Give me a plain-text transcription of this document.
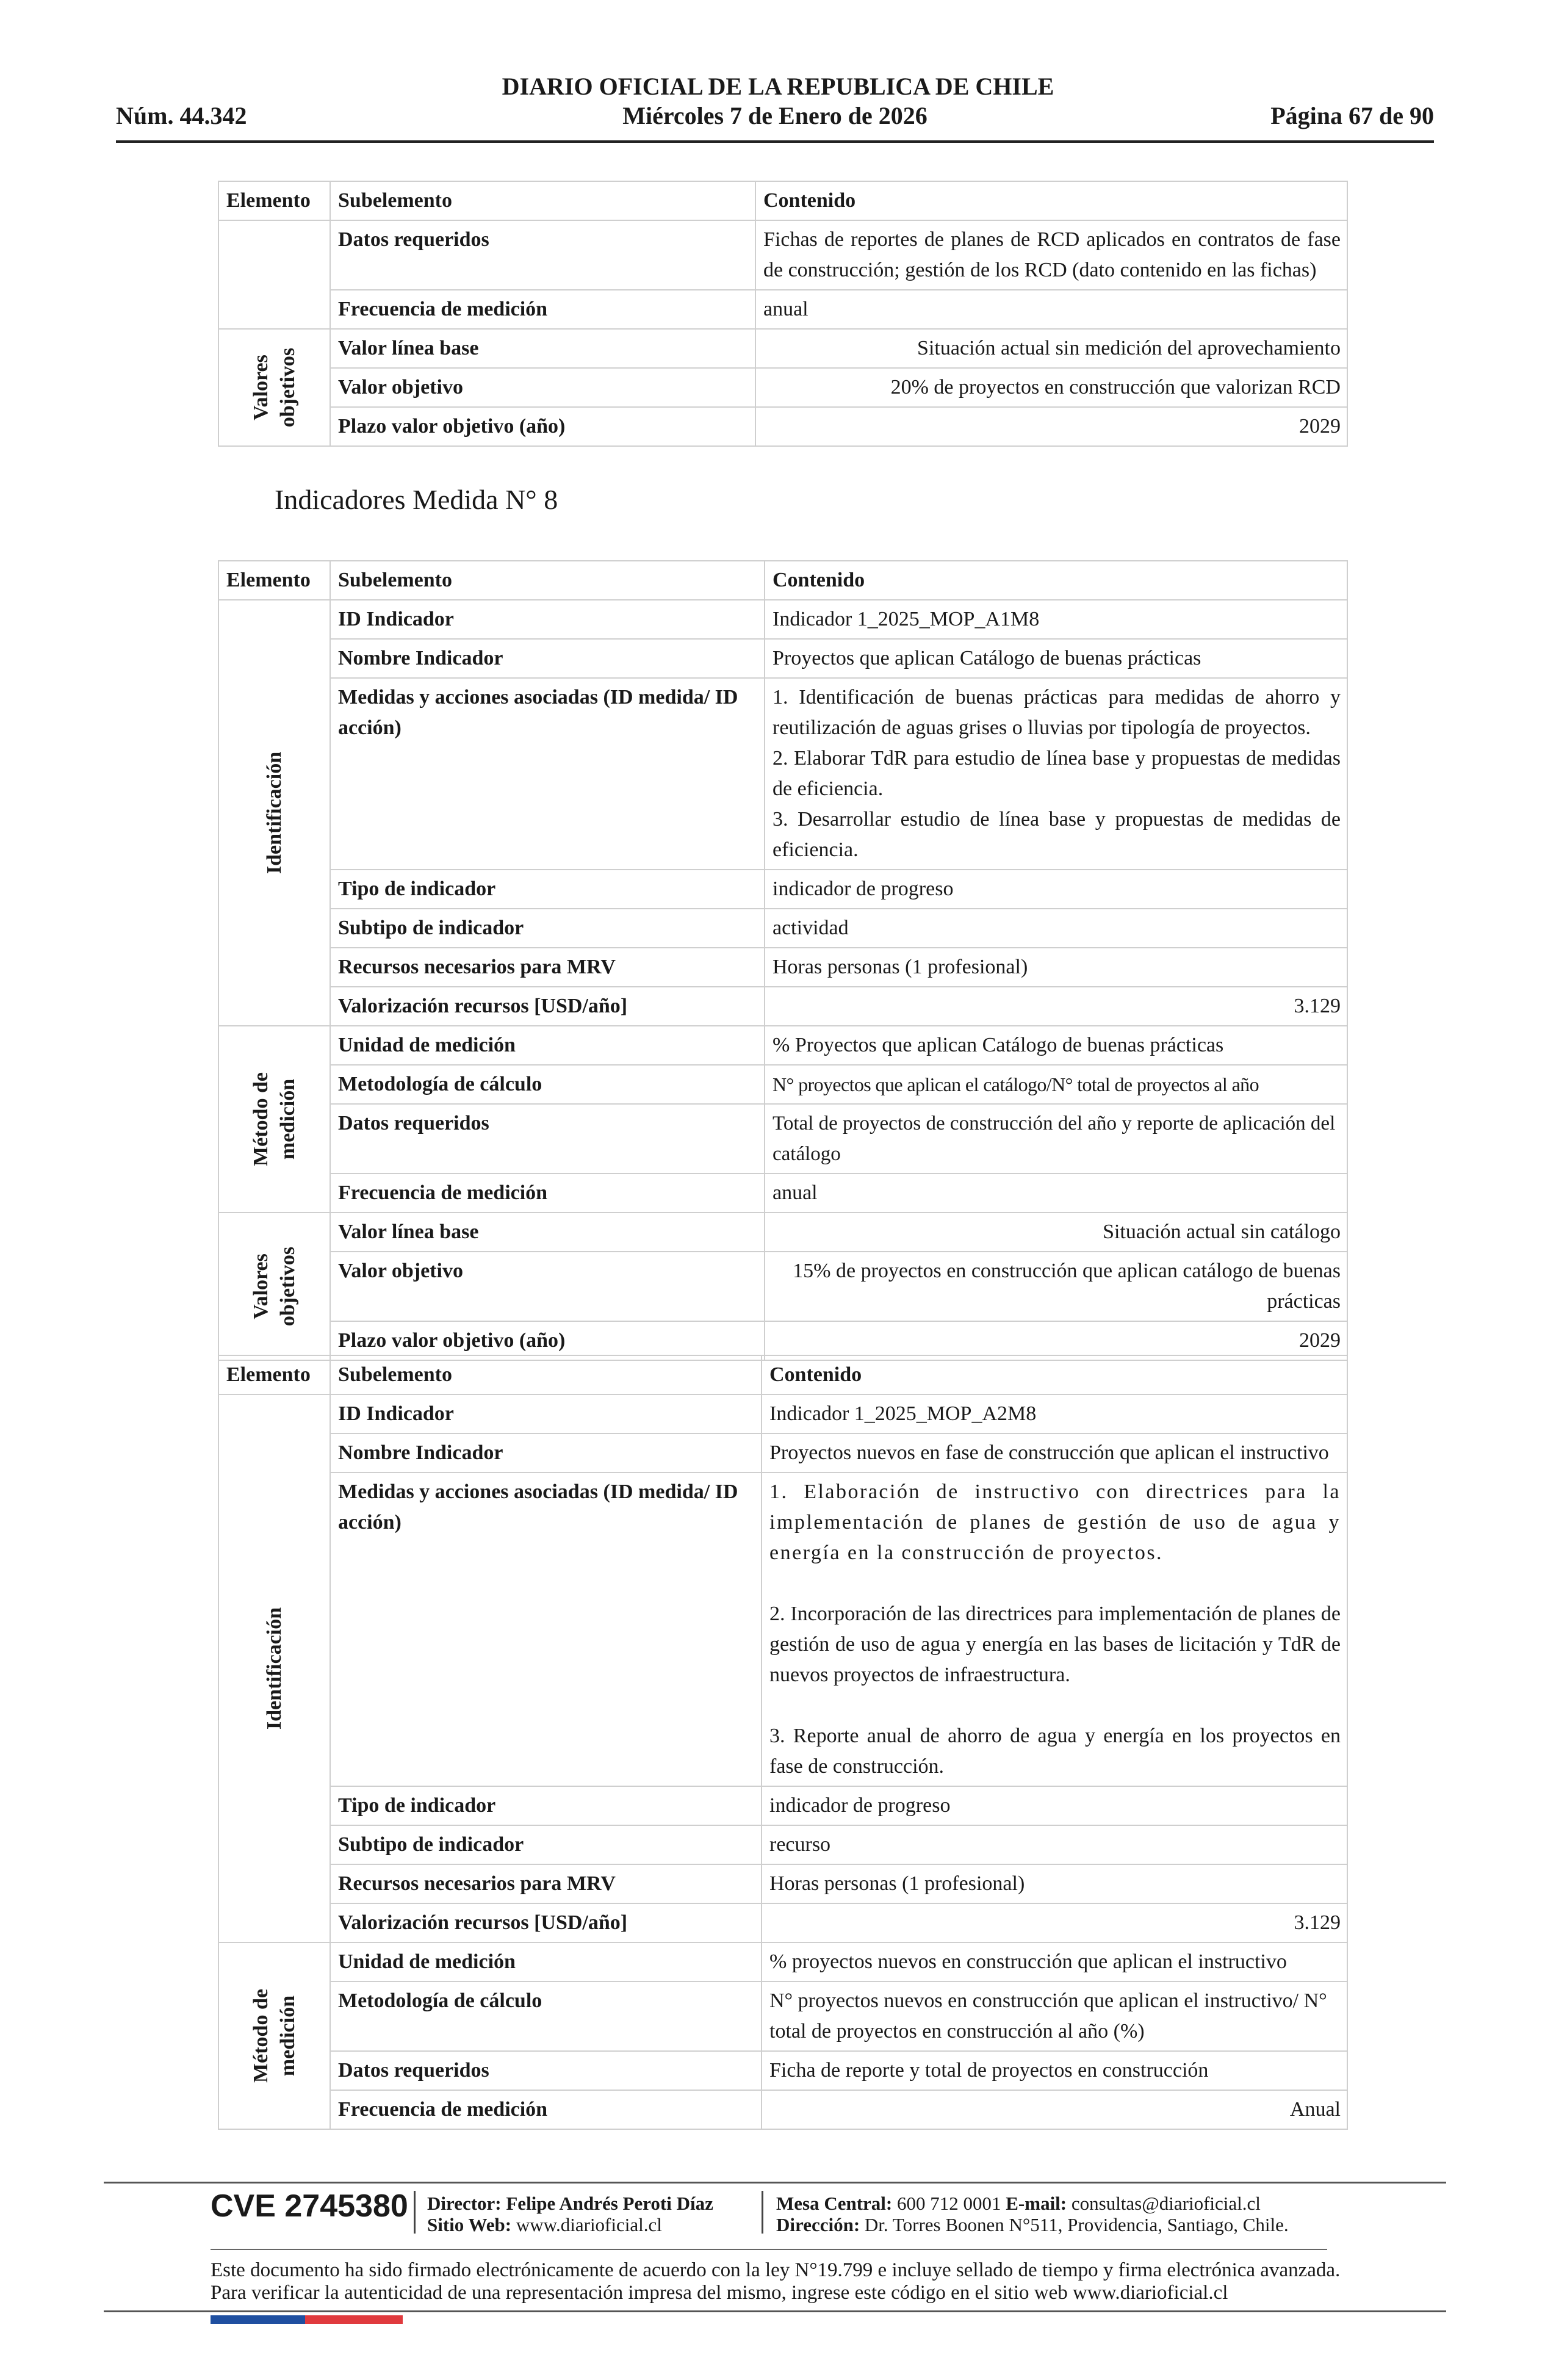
DIARIO OFICIAL DE LA REPUBLICA DE CHILE
Núm. 44.342	Miércoles 7 de Enero de 2026	Página 67 de 90
Elemento	Subelemento	Contenido
	Datos requeridos	Fichas de reportes de planes de RCD aplicados en contratos de fase de construcción; gestión de los RCD (dato contenido en las fichas)
	Frecuencia de medición	anual

Valores objetivos	Valor línea base	Situación actual sin medición del aprovechamiento
	Valor objetivo	20% de proyectos en construcción que valorizan RCD
	Plazo valor objetivo (año)	2029
Indicadores Medida N° 8
Elemento	Subelemento	Contenido

Identificación	ID Indicador	Indicador 1_2025_MOP_A1M8
	Nombre Indicador	Proyectos que aplican Catálogo de buenas prácticas
	Medidas y acciones asociadas (ID medida/ ID acción)	1. Identificación de buenas prácticas para medidas de ahorro y reutilización de aguas grises o lluvias por tipología de proyectos.
2. Elaborar TdR para estudio de línea base y propuestas de medidas de eficiencia.
3. Desarrollar estudio de línea base y propuestas de medidas de eficiencia.

	Tipo de indicador	indicador de progreso
	Subtipo de indicador	actividad
	Recursos necesarios para MRV	Horas personas (1 profesional)
	Valorización recursos [USD/año]	3.129

Método de medición	Unidad de medición	% Proyectos que aplican Catálogo de buenas prácticas
	Metodología de cálculo	N° proyectos que aplican el catálogo/N° total de proyectos al año
	Datos requeridos	Total de proyectos de construcción del año y reporte de aplicación del catálogo
	Frecuencia de medición	anual

Valores objetivos	Valor línea base	Situación actual sin catálogo
	Valor objetivo	15% de proyectos en construcción que aplican catálogo de buenas prácticas
	Plazo valor objetivo (año)	2029
Elemento	Subelemento	Contenido

Identificación	ID Indicador	Indicador 1_2025_MOP_A2M8
	Nombre Indicador	Proyectos nuevos en fase de construcción que aplican el instructivo
	Medidas y acciones asociadas (ID medida/ ID acción)	1. Elaboración de instructivo con directrices para la implementación de planes de gestión de uso de agua y energía en la construcción de proyectos.
2. Incorporación de las directrices para implementación de planes de gestión de uso de agua y energía en las bases de licitación y TdR de nuevos proyectos de infraestructura.
3. Reporte anual de ahorro de agua y energía en los proyectos en fase de construcción.

	Tipo de indicador	indicador de progreso
	Subtipo de indicador	recurso
	Recursos necesarios para MRV	Horas personas (1 profesional)
	Valorización recursos [USD/año]	3.129

Método de medición	Unidad de medición	% proyectos nuevos en construcción que aplican el instructivo
	Metodología de cálculo	N° proyectos nuevos en construcción que aplican el instructivo/ N° total de proyectos en construcción al año (%)
	Datos requeridos	Ficha de reporte y total de proyectos en construcción
	Frecuencia de medición	Anual
CVE 2745380 Director: Felipe Andrés Peroti Díaz
Sitio Web: www.diarioficial.cl
Mesa Central: 600 712 0001 E-mail: consultas@diarioficial.cl
Dirección: Dr. Torres Boonen N°511, Providencia, Santiago, Chile.
Este documento ha sido firmado electrónicamente de acuerdo con la ley N°19.799 e incluye sellado de tiempo y firma electrónica avanzada. Para verificar la autenticidad de una representación impresa del mismo, ingrese este código en el sitio web www.diarioficial.cl
